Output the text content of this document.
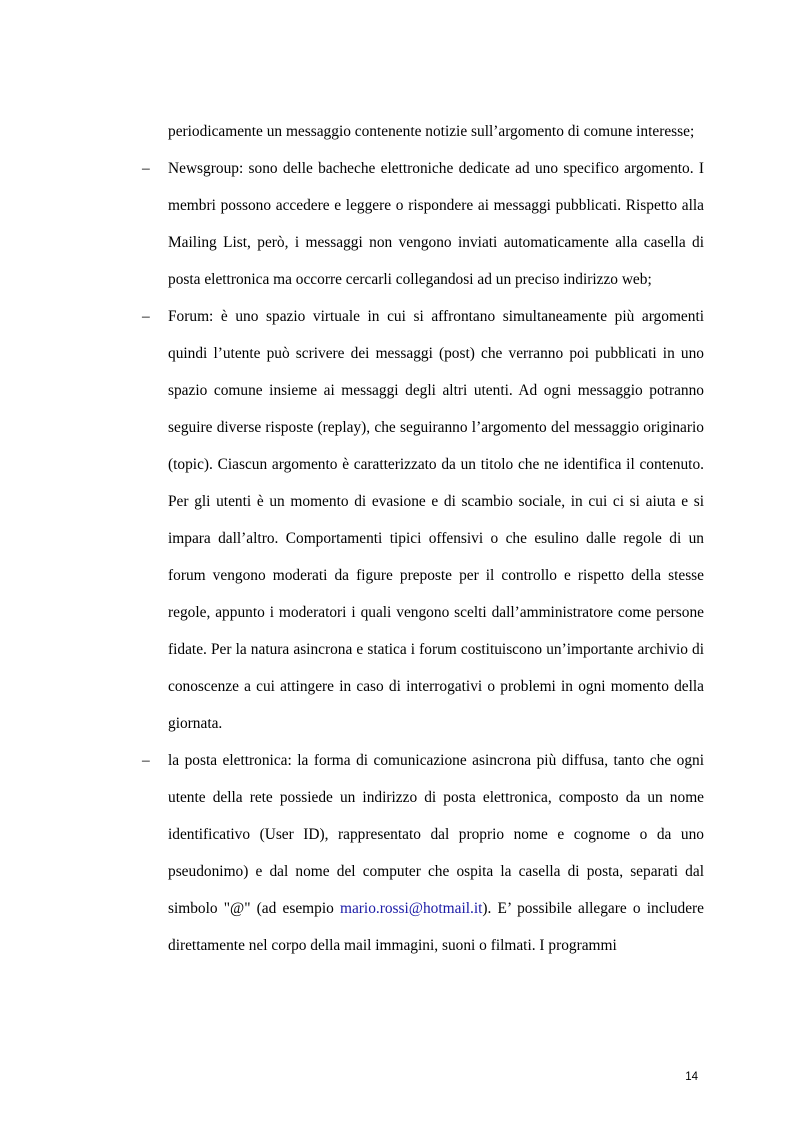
periodicamente un messaggio contenente notizie sull’argomento di comune interesse;

–	Newsgroup: sono delle bacheche elettroniche dedicate ad uno specifico argomento. I membri possono accedere e leggere o rispondere ai messaggi pubblicati. Rispetto alla Mailing List, però, i messaggi non vengono inviati automaticamente alla casella di posta elettronica ma occorre cercarli collegandosi ad un preciso indirizzo web;

–	Forum: è uno spazio virtuale in cui si affrontano simultaneamente più argomenti quindi l’utente può scrivere dei messaggi (post) che verranno poi pubblicati in uno spazio comune insieme ai messaggi degli altri utenti. Ad ogni messaggio potranno seguire diverse risposte (replay), che seguiranno l’argomento del messaggio originario (topic). Ciascun argomento è caratterizzato da un titolo che ne identifica il contenuto. Per gli utenti è un momento di evasione e di scambio sociale, in cui ci si aiuta e si impara dall’altro. Comportamenti tipici offensivi o che esulino dalle regole di un forum vengono moderati da figure preposte per il controllo e rispetto della stesse regole, appunto i moderatori i quali vengono scelti dall’amministratore come persone fidate. Per la natura asincrona e statica i forum costituiscono un’importante archivio di conoscenze a cui attingere in caso di interrogativi o problemi in ogni momento della giornata.

–	la posta elettronica: la forma di comunicazione asincrona più diffusa, tanto che ogni utente della rete possiede un indirizzo di posta elettronica, composto da un nome identificativo (User ID), rappresentato dal proprio nome e cognome o da uno pseudonimo) e dal nome del computer che ospita la casella di posta, separati dal simbolo "@" (ad esempio mario.rossi@hotmail.it). E’ possibile allegare o includere direttamente nel corpo della mail immagini, suoni o filmati. I programmi

14
